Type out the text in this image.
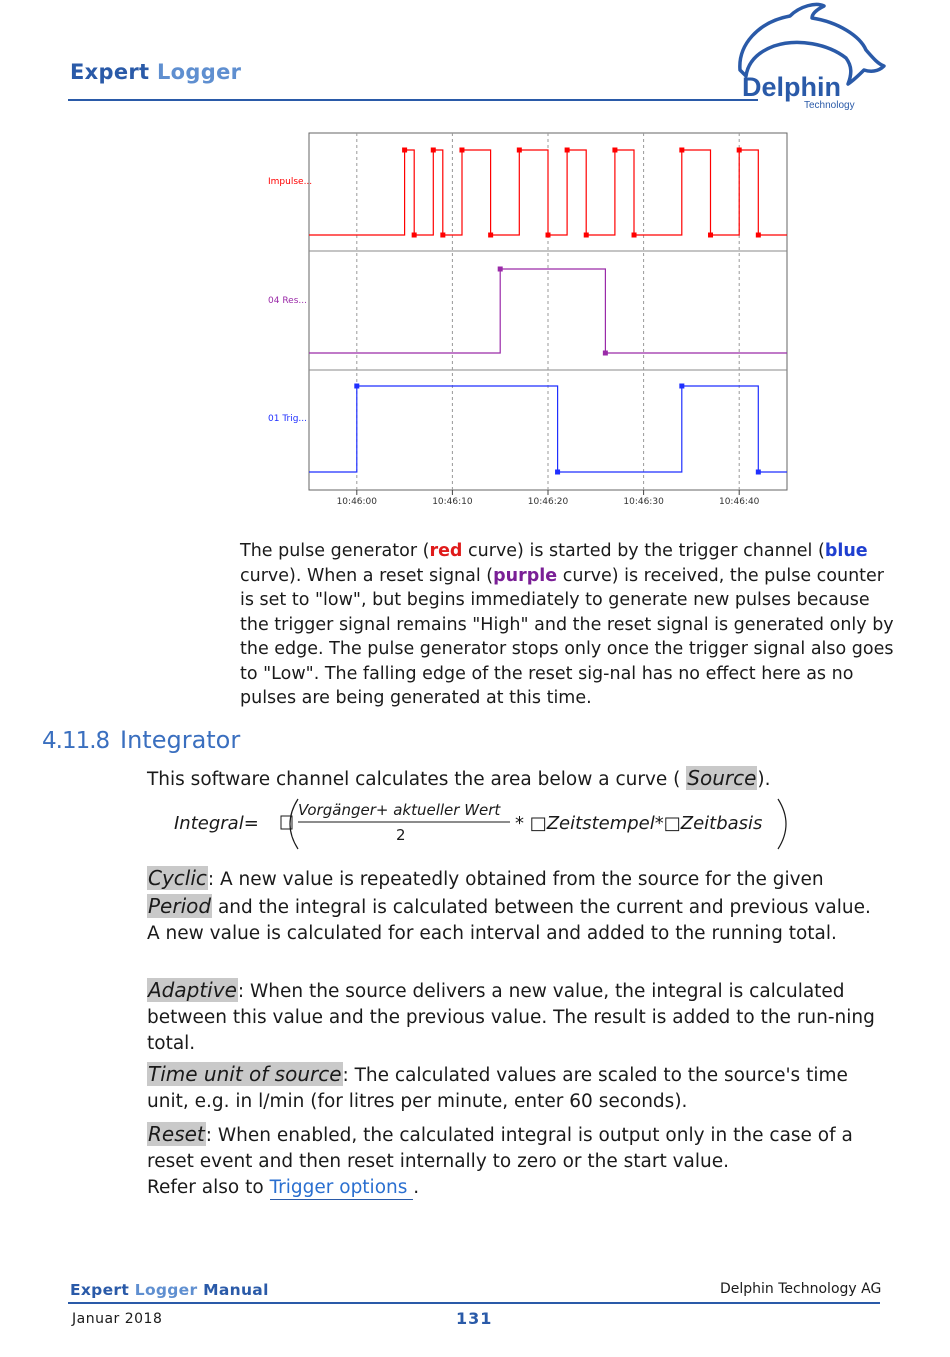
Expert Logger	Delphin
Technology
Impulse...
04 Res...
01 Trig...
10:46:00	10:46:10	10:46:20	10:46:30	10:46:40
The pulse generator (red curve) is started by the trigger channel (blue curve). When a reset signal (purple curve) is received, the pulse counter is set to "low", but begins immediately to generate new pulses because the trigger signal remains "High" and the reset signal is generated only by the edge. The pulse generator stops only once the trigger signal also goes to "Low". The falling edge of the reset sig-nal has no effect here as no pulses are being generated at this time.
4.11.8 Integrator
This software channel calculates the area below a curve ( Source).
Integral=
Vorgänger+ aktueller Wert
2
* □Zeitstempel*□Zeitbasis
Cyclic: A new value is repeatedly obtained from the source for the given Period and the integral is calculated between the current and previous value. A new value is calculated for each interval and added to the running total.
Adaptive: When the source delivers a new value, the integral is calculated between this value and the previous value. The result is added to the run-ning total.
Time unit of source: The calculated values are scaled to the source's time unit, e.g. in l/min (for litres per minute, enter 60 seconds).
Reset: When enabled, the calculated integral is output only in the case of a reset event and then reset internally to zero or the start value.
Refer also to Trigger options .
Expert Logger Manual	Delphin Technology AG
Januar 2018	131
